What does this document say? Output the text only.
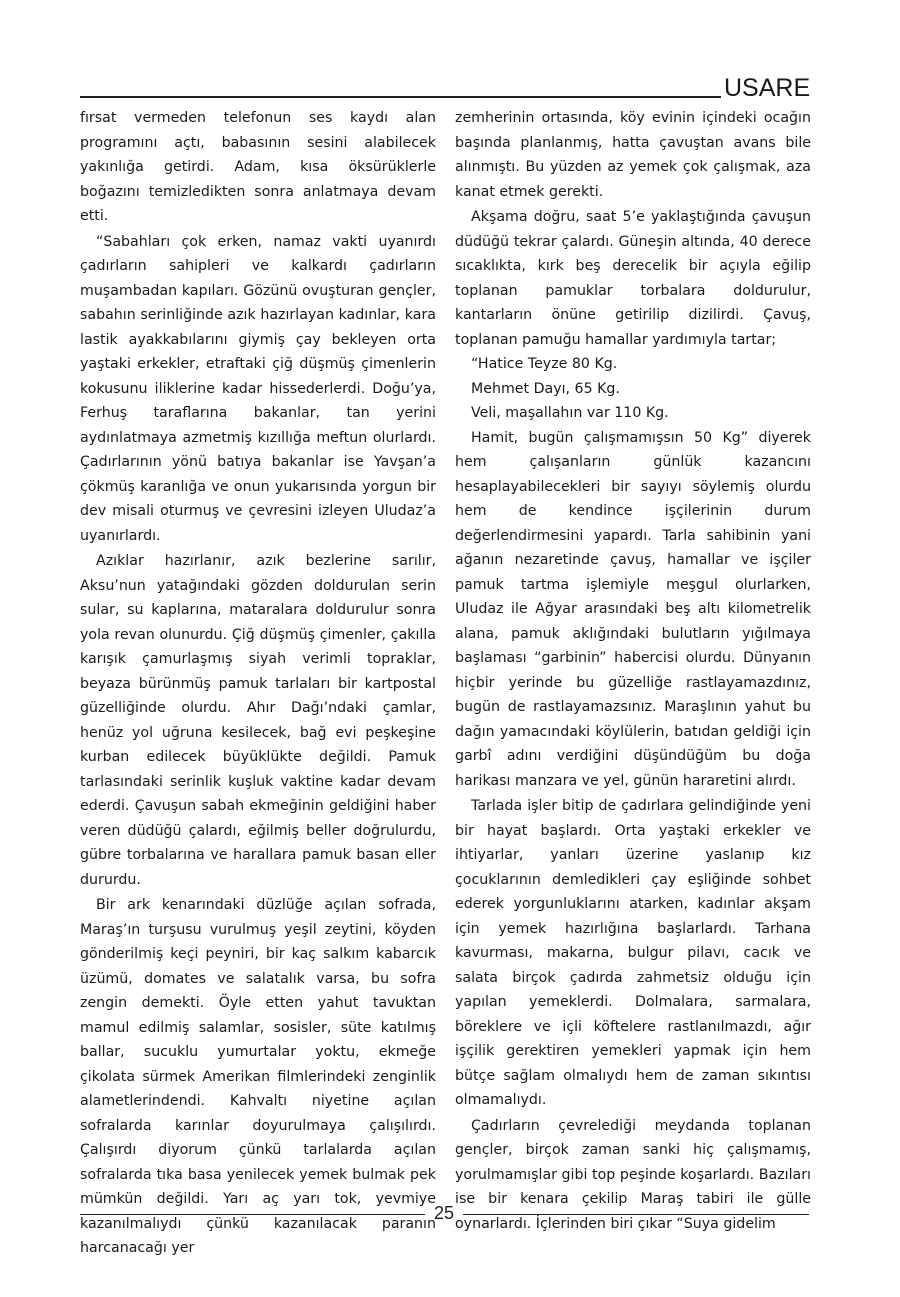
USARE

fırsat vermeden telefonun ses kaydı alan programını açtı, babasının sesini alabilecek yakınlığa getirdi. Adam, kısa öksürüklerle boğazını temizledikten sonra anlatmaya devam etti.

“Sabahları çok erken, namaz vakti uyanırdı çadırların sahipleri ve kalkardı çadırların muşambadan kapıları. Gözünü ovuşturan gençler, sabahın serinliğinde azık hazırlayan kadınlar, kara lastik ayakkabılarını giymiş çay bekleyen orta yaştaki erkekler, etraftaki çiğ düşmüş çimenlerin kokusunu iliklerine kadar hissederlerdi. Doğu’ya, Ferhuş taraflarına bakanlar, tan yerini aydınlatmaya azmetmiş kızıllığa meftun olurlardı. Çadırlarının yönü batıya bakanlar ise Yavşan’a çökmüş karanlığa ve onun yukarısında yorgun bir dev misali oturmuş ve çevresini izleyen Uludaz’a uyanırlardı.

Azıklar hazırlanır, azık bezlerine sarılır, Aksu’nun yatağındaki gözden doldurulan serin sular, su kaplarına, mataralara doldurulur sonra yola revan olunurdu. Çiğ düşmüş çimenler, çakılla karışık çamurlaşmış siyah verimli topraklar, beyaza bürünmüş pamuk tarlaları bir kartpostal güzelliğinde olurdu. Ahır Dağı’ndaki çamlar, henüz yol uğruna kesilecek, bağ evi peşkeşine kurban edilecek büyüklükte değildi. Pamuk tarlasındaki serinlik kuşluk vaktine kadar devam ederdi. Çavuşun sabah ekmeğinin geldiğini haber veren düdüğü çalardı, eğilmiş beller doğrulurdu, gübre torbalarına ve harallara pamuk basan eller dururdu.

Bir ark kenarındaki düzlüğe açılan sofrada, Maraş’ın turşusu vurulmuş yeşil zeytini, köyden gönderilmiş keçi peyniri, bir kaç salkım kabarcık üzümü, domates ve salatalık varsa, bu sofra zengin demekti. Öyle etten yahut tavuktan mamul edilmiş salamlar, sosisler, süte katılmış ballar, sucuklu yumurtalar yoktu, ekmeğe çikolata sürmek Amerikan filmlerindeki zenginlik alametlerindendi. Kahvaltı niyetine açılan sofralarda karınlar doyurulmaya çalışılırdı. Çalışırdı diyorum çünkü tarlalarda açılan sofralarda tıka basa yenilecek yemek bulmak pek mümkün değildi. Yarı aç yarı tok, yevmiye kazanılmalıydı çünkü kazanılacak paranın harcanacağı yer

zemherinin ortasında, köy evinin içindeki ocağın başında planlanmış, hatta çavuştan avans bile alınmıştı. Bu yüzden az yemek çok çalışmak, aza kanat etmek gerekti.

Akşama doğru, saat 5’e yaklaştığında çavuşun düdüğü tekrar çalardı. Güneşin altında, 40 derece sıcaklıkta, kırk beş derecelik bir açıyla eğilip toplanan pamuklar torbalara doldurulur, kantarların önüne getirilip dizilirdi. Çavuş, toplanan pamuğu hamallar yardımıyla tartar;

“Hatice Teyze 80 Kg.

Mehmet Dayı, 65 Kg.

Veli, maşallahın var 110 Kg.

Hamit, bugün çalışmamışsın 50 Kg” diyerek hem çalışanların günlük kazancını hesaplayabilecekleri bir sayıyı söylemiş olurdu hem de kendince işçilerinin durum değerlendirmesini yapardı. Tarla sahibinin yani ağanın nezaretinde çavuş, hamallar ve işçiler pamuk tartma işlemiyle meşgul olurlarken, Uludaz ile Ağyar arasındaki beş altı kilometrelik alana, pamuk aklığındaki bulutların yığılmaya başlaması “garbinin” habercisi olurdu. Dünyanın hiçbir yerinde bu güzelliğe rastlayamazdınız, bugün de rastlayamazsınız. Maraşlının yahut bu dağın yamacındaki köylülerin, batıdan geldiği için garbî adını verdiğini düşündüğüm bu doğa harikası manzara ve yel, günün hararetini alırdı.

Tarlada işler bitip de çadırlara gelindiğinde yeni bir hayat başlardı. Orta yaştaki erkekler ve ihtiyarlar, yanları üzerine yaslanıp kız çocuklarının demledikleri çay eşliğinde sohbet ederek yorgunluklarını atarken, kadınlar akşam için yemek hazırlığına başlarlardı. Tarhana kavurması, makarna, bulgur pilavı, cacık ve salata birçok çadırda zahmetsiz olduğu için yapılan yemeklerdi. Dolmalara, sarmalara, böreklere ve içli köftelere rastlanılmazdı, ağır işçilik gerektiren yemekleri yapmak için hem bütçe sağlam olmalıydı hem de zaman sıkıntısı olmamalıydı.

Çadırların çevrelediği meydanda toplanan gençler, birçok zaman sanki hiç çalışmamış, yorulmamışlar gibi top peşinde koşarlardı. Bazıları ise bir kenara çekilip Maraş tabiri ile gülle oynarlardı. İçlerinden biri çıkar “Suya gidelim

25
